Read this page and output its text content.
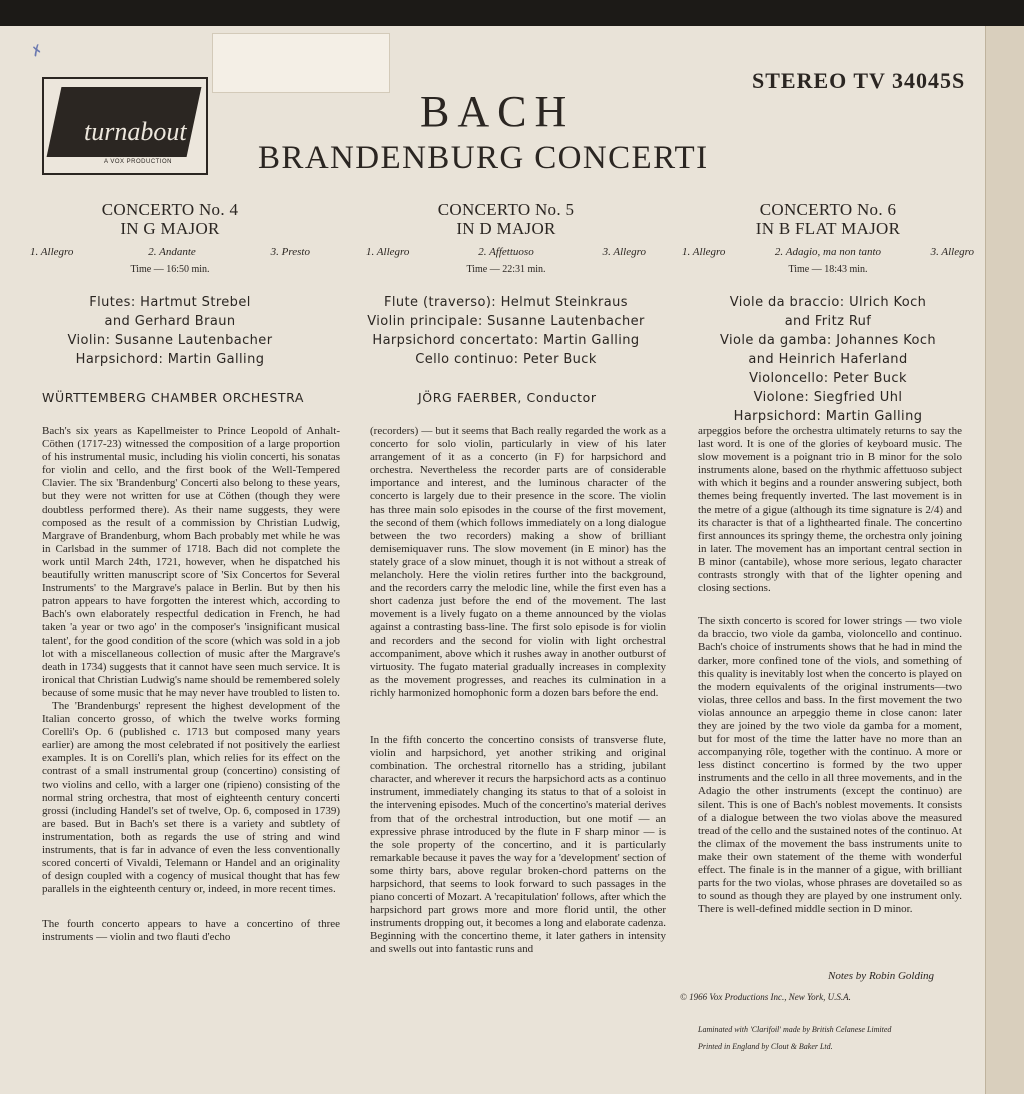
✗
turnabout
A VOX PRODUCTION
STEREO TV 34045S
BACH
BRANDENBURG CONCERTI
CONCERTO No. 4
IN G MAJOR
1. Allegro	2. Andante	3. Presto
Time — 16:50 min.
Flutes: Hartmut Strebel
and Gerhard Braun
Violin: Susanne Lautenbacher
Harpsichord: Martin Galling
CONCERTO No. 5
IN D MAJOR
1. Allegro	2. Affettuoso	3. Allegro
Time — 22:31 min.
Flute (traverso): Helmut Steinkraus
Violin principale: Susanne Lautenbacher
Harpsichord concertato: Martin Galling
Cello continuo: Peter Buck
CONCERTO No. 6
IN B FLAT MAJOR
1. Allegro	2. Adagio, ma non tanto	3. Allegro
Time — 18:43 min.
Viole da braccio: Ulrich Koch
and Fritz Ruf
Viole da gamba: Johannes Koch
and Heinrich Haferland
Violoncello: Peter Buck
Violone: Siegfried Uhl
Harpsichord: Martin Galling
WÜRTTEMBERG CHAMBER ORCHESTRA	JÖRG FAERBER, Conductor

Bach's six years as Kapellmeister to Prince Leopold of Anhalt-Cöthen (1717-23) witnessed the composition of a large proportion of his instrumental music, including his violin concerti, his sonatas for violin and cello, and the first book of the Well-Tempered Clavier. The six 'Brandenburg' Concerti also belong to these years, but they were not written for use at Cöthen (though they were doubtless performed there). As their name suggests, they were composed as the result of a commission by Christian Ludwig, Margrave of Brandenburg, whom Bach probably met while he was in Carlsbad in the summer of 1718. Bach did not complete the work until March 24th, 1721, however, when he dispatched his beautifully written manuscript score of 'Six Concertos for Several Instruments' to the Margrave's palace in Berlin. But by then his patron appears to have forgotten the interest which, according to Bach's own elaborately respectful dedication in French, he had taken 'a year or two ago' in the composer's 'insignificant musical talent', for the good condition of the score (which was sold in a job lot with a miscellaneous collection of music after the Margrave's death in 1734) suggests that it cannot have seen much service. It is ironical that Christian Ludwig's name should be remembered solely because of some music that he may never have troubled to listen to.

The 'Brandenburgs' represent the highest development of the Italian concerto grosso, of which the twelve works forming Corelli's Op. 6 (published c. 1713 but composed many years earlier) are among the most celebrated if not positively the earliest examples. It is on Corelli's plan, which relies for its effect on the contrast of a small instrumental group (concertino) consisting of two violins and cello, with a larger one (ripieno) consisting of the normal string orchestra, that most of eighteenth century concerti grossi (including Handel's set of twelve, Op. 6, composed in 1739) are based. But in Bach's set there is a variety and subtlety of instrumentation, both as regards the use of string and wind instruments, that is far in advance of even the less conventionally scored concerti of Vivaldi, Telemann or Handel and an originality of design coupled with a cogency of musical thought that has few parallels in the eighteenth century or, indeed, in more recent times.

The fourth concerto appears to have a concertino of three instruments — violin and two flauti d'echo

(recorders) — but it seems that Bach really regarded the work as a concerto for solo violin, particularly in view of his later arrangement of it as a concerto (in F) for harpsichord and orchestra. Nevertheless the recorder parts are of considerable importance and interest, and the luminous character of the concerto is largely due to their presence in the score. The violin has three main solo episodes in the course of the first movement, the second of them (which follows immediately on a long dialogue between the two recorders) making a show of brilliant demisemiquaver runs. The slow movement (in E minor) has the stately grace of a slow minuet, though it is not without a streak of melancholy. Here the violin retires further into the background, and the recorders carry the melodic line, while the first even has a short cadenza just before the end of the movement. The last movement is a lively fugato on a theme announced by the violas against a contrasting bass-line. The first solo episode is for violin and recorders and the second for violin with light orchestral accompaniment, above which it rushes away in another outburst of virtuosity. The fugato material gradually increases in complexity as the movement progresses, and reaches its culmination in a richly harmonized homophonic form a dozen bars before the end.

In the fifth concerto the concertino consists of transverse flute, violin and harpsichord, yet another striking and original combination. The orchestral ritornello has a striding, jubilant character, and wherever it recurs the harpsichord acts as a continuo instrument, immediately changing its status to that of a soloist in the intervening episodes. Much of the concertino's material derives from that of the orchestral introduction, but one motif — an expressive phrase introduced by the flute in F sharp minor — is the sole property of the concertino, and it is particularly remarkable because it paves the way for a 'development' section of some thirty bars, above regular broken-chord patterns on the harpsichord, that seems to look forward to such passages in the piano concerti of Mozart. A 'recapitulation' follows, after which the harpsichord part grows more and more florid until, the other instruments dropping out, it becomes a long and elaborate cadenza. Beginning with the concertino theme, it later gathers in intensity and swells out into fantastic runs and

arpeggios before the orchestra ultimately returns to say the last word. It is one of the glories of keyboard music. The slow movement is a poignant trio in B minor for the solo instruments alone, based on the rhythmic affettuoso subject with which it begins and a rounder answering subject, both themes being frequently inverted. The last movement is in the metre of a gigue (although its time signature is 2/4) and its character is that of a lighthearted finale. The concertino first announces its springy theme, the orchestra only joining in later. The movement has an important central section in B minor (cantabile), whose more serious, legato character contrasts strongly with that of the lighter opening and closing sections.

The sixth concerto is scored for lower strings — two viole da braccio, two viole da gamba, violoncello and continuo. Bach's choice of instruments shows that he had in mind the darker, more confined tone of the viols, and something of this quality is inevitably lost when the concerto is played on the modern equivalents of the original instruments—two violas, three cellos and bass. In the first movement the two violas announce an arpeggio theme in close canon: later they are joined by the two viole da gamba for a moment, but for most of the time the latter have no more than an accompanying rôle, together with the continuo. A more or less distinct concertino is formed by the two upper instruments and the cello in all three movements, and in the Adagio the other instruments (except the continuo) are silent. This is one of Bach's noblest movements. It consists of a dialogue between the two violas above the measured tread of the cello and the sustained notes of the continuo. At the climax of the movement the bass instruments unite to make their own statement of the theme with wonderful effect. The finale is in the manner of a gigue, with brilliant parts for the two violas, whose phrases are dovetailed so as to sound as though they are played by one instrument only. There is well-defined middle section in D minor.

Notes by Robin Golding
© 1966 Vox Productions Inc., New York, U.S.A.
Laminated with 'Clarifoil' made by British Celanese Limited
Printed in England by Clout & Baker Ltd.
